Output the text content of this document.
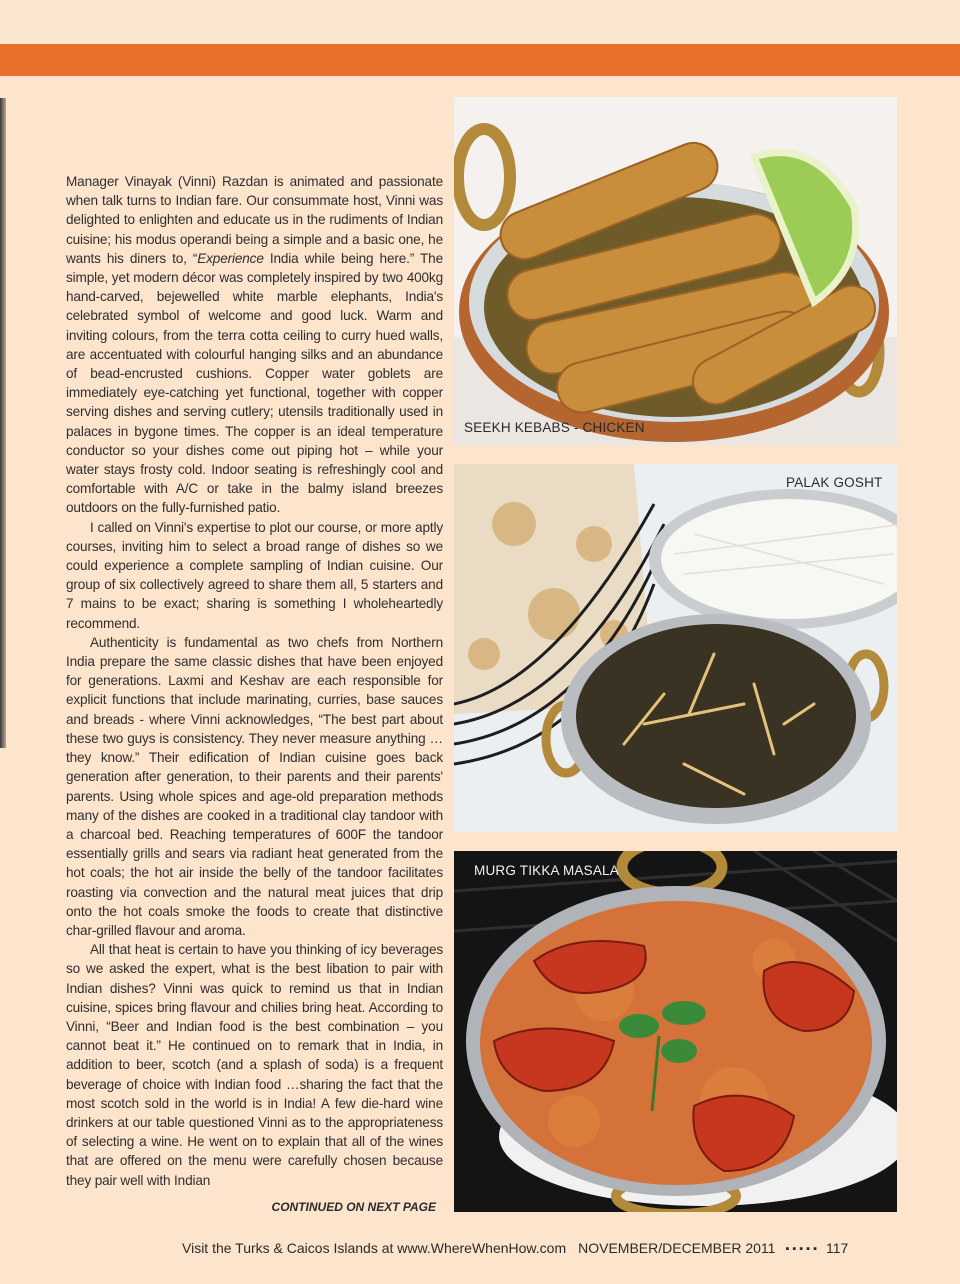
Manager Vinayak (Vinni) Razdan is animated and passionate when talk turns to Indian fare. Our consummate host, Vinni was delighted to enlighten and educate us in the rudiments of Indian cuisine; his modus operandi being a simple and a basic one, he wants his diners to, “Experience India while being here.” The simple, yet modern décor was completely inspired by two 400kg hand-carved, bejewelled white marble elephants, India's celebrated symbol of welcome and good luck. Warm and inviting colours, from the terra cotta ceiling to curry hued walls, are accentuated with colourful hanging silks and an abundance of bead-encrusted cushions. Copper water goblets are immediately eye-catching yet functional, together with copper serving dishes and serving cutlery; utensils traditionally used in palaces in bygone times. The copper is an ideal temperature conductor so your dishes come out piping hot – while your water stays frosty cold. Indoor seating is refreshingly cool and comfortable with A/C or take in the balmy island breezes outdoors on the fully-furnished patio.

I called on Vinni's expertise to plot our course, or more aptly courses, inviting him to select a broad range of dishes so we could experience a complete sampling of Indian cuisine. Our group of six collectively agreed to share them all, 5 starters and 7 mains to be exact; sharing is something I wholeheartedly recommend.

Authenticity is fundamental as two chefs from Northern India prepare the same classic dishes that have been enjoyed for generations. Laxmi and Keshav are each responsible for explicit functions that include marinating, curries, base sauces and breads - where Vinni acknowledges, “The best part about these two guys is consistency. They never measure anything … they know.” Their edification of Indian cuisine goes back generation after generation, to their parents and their parents' parents. Using whole spices and age-old preparation methods many of the dishes are cooked in a traditional clay tandoor with a charcoal bed. Reaching temperatures of 600F the tandoor essentially grills and sears via radiant heat generated from the hot coals; the hot air inside the belly of the tandoor facilitates roasting via convection and the natural meat juices that drip onto the hot coals smoke the foods to create that distinctive char-grilled flavour and aroma.

All that heat is certain to have you thinking of icy beverages so we asked the expert, what is the best libation to pair with Indian dishes? Vinni was quick to remind us that in Indian cuisine, spices bring flavour and chilies bring heat. According to Vinni, “Beer and Indian food is the best combination – you cannot beat it.” He continued on to remark that in India, in addition to beer, scotch (and a splash of soda) is a frequent beverage of choice with Indian food …sharing the fact that the most scotch sold in the world is in India! A few die-hard wine drinkers at our table questioned Vinni as to the appropriateness of selecting a wine. He went on to explain that all of the wines that are offered on the menu were carefully chosen because they pair well with Indian

CONTINUED ON NEXT PAGE
SEEKH KEBABS - CHICKEN
PALAK GOSHT
MURG TIKKA MASALA
Visit the Turks & Caicos Islands at www.WhereWhenHow.com NOVEMBER/DECEMBER 2011 ▪▪▪▪▪ 117
